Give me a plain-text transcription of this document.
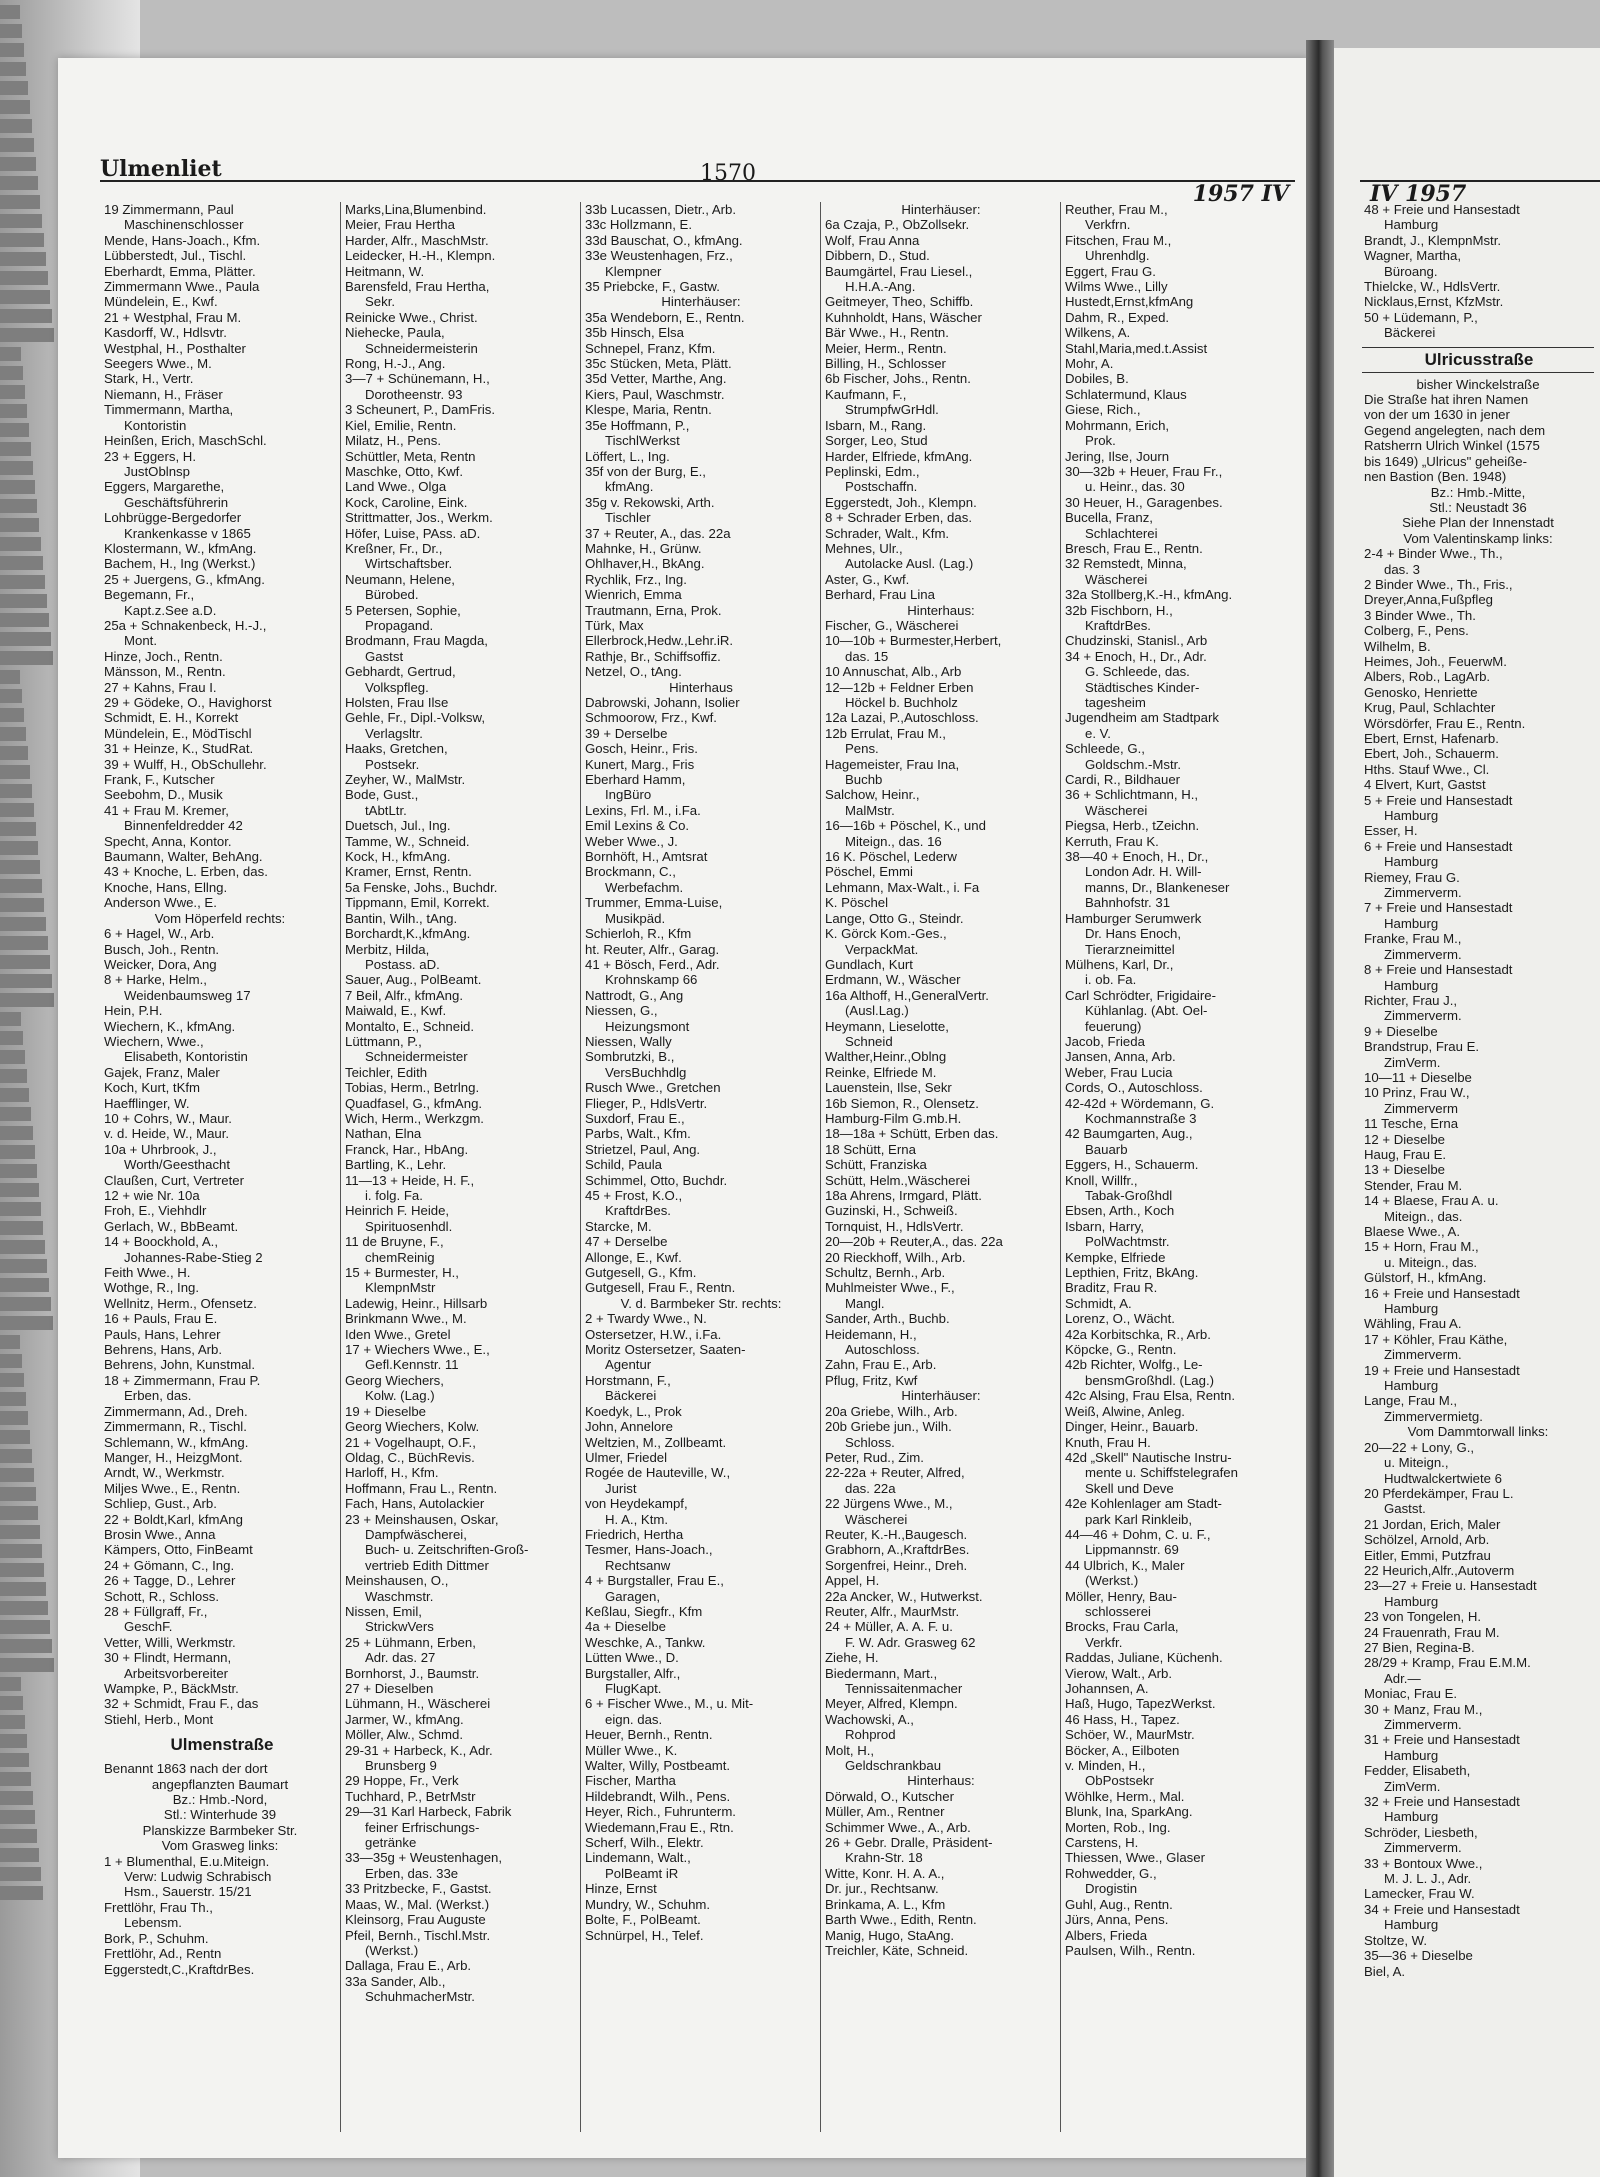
Ulmenliet	1570
1957 IV	IV 1957
19 Zimmermann, Paul
Maschinenschlosser
Mende, Hans-Joach., Kfm.
Lübberstedt, Jul., Tischl.
Eberhardt, Emma, Plätter.
Zimmermann Wwe., Paula
Mündelein, E., Kwf.
21 + Westphal, Frau M.
Kasdorff, W., Hdlsvtr.
Westphal, H., Posthalter
Seegers Wwe., M.
Stark, H., Vertr.
Niemann, H., Fräser
Timmermann, Martha,
Kontoristin
Heinßen, Erich, MaschSchl.
23 + Eggers, H.
JustOblnsp
Eggers, Margarethe,
Geschäftsführerin
Lohbrügge-Bergedorfer
Krankenkasse v 1865
Klostermann, W., kfmAng.
Bachem, H., Ing (Werkst.)
25 + Juergens, G., kfmAng.
Begemann, Fr.,
Kapt.z.See a.D.
25a + Schnakenbeck, H.-J.,
Mont.
Hinze, Joch., Rentn.
Mänsson, M., Rentn.
27 + Kahns, Frau I.
29 + Gödeke, O., Havighorst
Schmidt, E. H., Korrekt
Mündelein, E., MödTischl
31 + Heinze, K., StudRat.
39 + Wulff, H., ObSchullehr.
Frank, F., Kutscher
Seebohm, D., Musik
41 + Frau M. Kremer,
Binnenfeldredder 42
Specht, Anna, Kontor.
Baumann, Walter, BehAng.
43 + Knoche, L. Erben, das.
Knoche, Hans, Ellng.
Anderson Wwe., E.
Vom Höperfeld rechts:
6 + Hagel, W., Arb.
Busch, Joh., Rentn.
Weicker, Dora, Ang
8 + Harke, Helm.,
Weidenbaumsweg 17
Hein, P.H.
Wiechern, K., kfmAng.
Wiechern, Wwe.,
Elisabeth, Kontoristin
Gajek, Franz, Maler
Koch, Kurt, tKfm
Haefflinger, W.
10 + Cohrs, W., Maur.
v. d. Heide, W., Maur.
10a + Uhrbrook, J.,
Worth/Geesthacht
Claußen, Curt, Vertreter
12 + wie Nr. 10a
Froh, E., Viehhdlr
Gerlach, W., BbBeamt.
14 + Boockhold, A.,
Johannes-Rabe-Stieg 2
Feith Wwe., H.
Wothge, R., Ing.
Wellnitz, Herm., Ofensetz.
16 + Pauls, Frau E.
Pauls, Hans, Lehrer
Behrens, Hans, Arb.
Behrens, John, Kunstmal.
18 + Zimmermann, Frau P.
Erben, das.
Zimmermann, Ad., Dreh.
Zimmermann, R., Tischl.
Schlemann, W., kfmAng.
Manger, H., HeizgMont.
Arndt, W., Werkmstr.
Miljes Wwe., E., Rentn.
Schliep, Gust., Arb.
22 + Boldt,Karl, kfmAng
Brosin Wwe., Anna
Kämpers, Otto, FinBeamt
24 + Gömann, C., Ing.
26 + Tagge, D., Lehrer
Schott, R., Schloss.
28 + Füllgraff, Fr.,
GeschF.
Vetter, Willi, Werkmstr.
30 + Flindt, Hermann,
Arbeitsvorbereiter
Wampke, P., BäckMstr.
32 + Schmidt, Frau F., das
Stiehl, Herb., Mont
Ulmenstraße
Benannt 1863 nach der dort
angepflanzten Baumart
Bz.: Hmb.-Nord,
Stl.: Winterhude 39
Planskizze Barmbeker Str.
Vom Grasweg links:
1 + Blumenthal, E.u.Miteign.
Verw: Ludwig Schrabisch
Hsm., Sauerstr. 15/21
Frettlöhr, Frau Th.,
Lebensm.
Bork, P., Schuhm.
Frettlöhr, Ad., Rentn
Eggerstedt,C.,KraftdrBes.
Marks,Lina,Blumenbind.
Meier, Frau Hertha
Harder, Alfr., MaschMstr.
Leidecker, H.-H., Klempn.
Heitmann, W.
Barensfeld, Frau Hertha,
Sekr.
Reinicke Wwe., Christ.
Niehecke, Paula,
Schneidermeisterin
Rong, H.-J., Ang.
3—7 + Schünemann, H.,
Dorotheenstr. 93
3 Scheunert, P., DamFris.
Kiel, Emilie, Rentn.
Milatz, H., Pens.
Schüttler, Meta, Rentn
Maschke, Otto, Kwf.
Land Wwe., Olga
Kock, Caroline, Eink.
Strittmatter, Jos., Werkm.
Höfer, Luise, PAss. aD.
Kreßner, Fr., Dr.,
Wirtschaftsber.
Neumann, Helene,
Bürobed.
5 Petersen, Sophie,
Propagand.
Brodmann, Frau Magda,
Gastst
Gebhardt, Gertrud,
Volkspfleg.
Holsten, Frau Ilse
Gehle, Fr., Dipl.-Volksw,
Verlagsltr.
Haaks, Gretchen,
Postsekr.
Zeyher, W., MalMstr.
Bode, Gust.,
tAbtLtr.
Duetsch, Jul., Ing.
Tamme, W., Schneid.
Kock, H., kfmAng.
Kramer, Ernst, Rentn.
5a Fenske, Johs., Buchdr.
Tippmann, Emil, Korrekt.
Bantin, Wilh., tAng.
Borchardt,K.,kfmAng.
Merbitz, Hilda,
Postass. aD.
Sauer, Aug., PolBeamt.
7 Beil, Alfr., kfmAng.
Maiwald, E., Kwf.
Montalto, E., Schneid.
Lüttmann, P.,
Schneidermeister
Teichler, Edith
Tobias, Herm., Betrlng.
Quadfasel, G., kfmAng.
Wich, Herm., Werkzgm.
Nathan, Elna
Franck, Har., HbAng.
Bartling, K., Lehr.
11—13 + Heide, H. F.,
i. folg. Fa.
Heinrich F. Heide,
Spirituosenhdl.
11 de Bruyne, F.,
chemReinig
15 + Burmester, H.,
KlempnMstr
Ladewig, Heinr., Hillsarb
Brinkmann Wwe., M.
Iden Wwe., Gretel
17 + Wiechers Wwe., E.,
Gefl.Kennstr. 11
Georg Wiechers,
Kolw. (Lag.)
19 + Dieselbe
Georg Wiechers, Kolw.
21 + Vogelhaupt, O.F.,
Oldag, C., BüchRevis.
Harloff, H., Kfm.
Hoffmann, Frau L., Rentn.
Fach, Hans, Autolackier
23 + Meinshausen, Oskar,
Dampfwäscherei,
Buch- u. Zeitschriften-Groß-
vertrieb Edith Dittmer
Meinshausen, O.,
Waschmstr.
Nissen, Emil,
StrickwVers
25 + Lühmann, Erben,
Adr. das. 27
Bornhorst, J., Baumstr.
27 + Dieselben
Lühmann, H., Wäscherei
Jarmer, W., kfmAng.
Möller, Alw., Schmd.
29-31 + Harbeck, K., Adr.
Brunsberg 9
29 Hoppe, Fr., Verk
Tuchhard, P., BetrMstr
29—31 Karl Harbeck, Fabrik
feiner Erfrischungs-
getränke
33—35g + Weustenhagen,
Erben, das. 33e
33 Pritzbecke, F., Gastst.
Maas, W., Mal. (Werkst.)
Kleinsorg, Frau Auguste
Pfeil, Bernh., Tischl.Mstr.
(Werkst.)
Dallaga, Frau E., Arb.
33a Sander, Alb.,
SchuhmacherMstr.
33b Lucassen, Dietr., Arb.
33c Hollzmann, E.
33d Bauschat, O., kfmAng.
33e Weustenhagen, Frz.,
Klempner
35 Priebcke, F., Gastw.
Hinterhäuser:
35a Wendeborn, E., Rentn.
35b Hinsch, Elsa
Schnepel, Franz, Kfm.
35c Stücken, Meta, Plätt.
35d Vetter, Marthe, Ang.
Kiers, Paul, Waschmstr.
Klespe, Maria, Rentn.
35e Hoffmann, P.,
TischlWerkst
Löffert, L., Ing.
35f von der Burg, E.,
kfmAng.
35g v. Rekowski, Arth.
Tischler
37 + Reuter, A., das. 22a
Mahnke, H., Grünw.
Ohlhaver,H., BkAng.
Rychlik, Frz., Ing.
Wienrich, Emma
Trautmann, Erna, Prok.
Türk, Max
Ellerbrock,Hedw.,Lehr.iR.
Rathje, Br., Schiffsoffiz.
Netzel, O., tAng.
Hinterhaus
Dabrowski, Johann, Isolier
Schmoorow, Frz., Kwf.
39 + Derselbe
Gosch, Heinr., Fris.
Kunert, Marg., Fris
Eberhard Hamm,
IngBüro
Lexins, Frl. M., i.Fa.
Emil Lexins & Co.
Weber Wwe., J.
Bornhöft, H., Amtsrat
Brockmann, C.,
Werbefachm.
Trummer, Emma-Luise,
Musikpäd.
Schierloh, R., Kfm
ht. Reuter, Alfr., Garag.
41 + Bösch, Ferd., Adr.
Krohnskamp 66
Nattrodt, G., Ang
Niessen, G.,
Heizungsmont
Niessen, Wally
Sombrutzki, B.,
VersBuchhdlg
Rusch Wwe., Gretchen
Flieger, P., HdlsVertr.
Suxdorf, Frau E.,
Parbs, Walt., Kfm.
Strietzel, Paul, Ang.
Schild, Paula
Schimmel, Otto, Buchdr.
45 + Frost, K.O.,
KraftdrBes.
Starcke, M.
47 + Derselbe
Allonge, E., Kwf.
Gutgesell, G., Kfm.
Gutgesell, Frau F., Rentn.
V. d. Barmbeker Str. rechts:
2 + Twardy Wwe., N.
Ostersetzer, H.W., i.Fa.
Moritz Ostersetzer, Saaten-
Agentur
Horstmann, F.,
Bäckerei
Koedyk, L., Prok
John, Annelore
Weltzien, M., Zollbeamt.
Ulmer, Friedel
Rogée de Hauteville, W.,
Jurist
von Heydekampf,
H. A., Ktm.
Friedrich, Hertha
Tesmer, Hans-Joach.,
Rechtsanw
4 + Burgstaller, Frau E.,
Garagen,
Keßlau, Siegfr., Kfm
4a + Dieselbe
Weschke, A., Tankw.
Lütten Wwe., D.
Burgstaller, Alfr.,
FlugKapt.
6 + Fischer Wwe., M., u. Mit-
eign. das.
Heuer, Bernh., Rentn.
Müller Wwe., K.
Walter, Willy, Postbeamt.
Fischer, Martha
Hildebrandt, Wilh., Pens.
Heyer, Rich., Fuhrunterm.
Wiedemann,Frau E., Rtn.
Scherf, Wilh., Elektr.
Lindemann, Walt.,
PolBeamt iR
Hinze, Ernst
Mundry, W., Schuhm.
Bolte, F., PolBeamt.
Schnürpel, H., Telef.
Hinterhäuser:
6a Czaja, P., ObZollsekr.
Wolf, Frau Anna
Dibbern, D., Stud.
Baumgärtel, Frau Liesel.,
H.H.A.-Ang.
Geitmeyer, Theo, Schiffb.
Kuhnholdt, Hans, Wäscher
Bär Wwe., H., Rentn.
Meier, Herm., Rentn.
Billing, H., Schlosser
6b Fischer, Johs., Rentn.
Kaufmann, F.,
StrumpfwGrHdl.
Isbarn, M., Rang.
Sorger, Leo, Stud
Harder, Elfriede, kfmAng.
Peplinski, Edm.,
Postschaffn.
Eggerstedt, Joh., Klempn.
8 + Schrader Erben, das.
Schrader, Walt., Kfm.
Mehnes, Ulr.,
Autolacke Ausl. (Lag.)
Aster, G., Kwf.
Berhard, Frau Lina
Hinterhaus:
Fischer, G., Wäscherei
10—10b + Burmester,Herbert,
das. 15
10 Annuschat, Alb., Arb
12—12b + Feldner Erben
Höckel b. Buchholz
12a Lazai, P.,Autoschloss.
12b Errulat, Frau M.,
Pens.
Hagemeister, Frau Ina,
Buchb
Salchow, Heinr.,
MalMstr.
16—16b + Pöschel, K., und
Miteign., das. 16
16 K. Pöschel, Lederw
Pöschel, Emmi
Lehmann, Max-Walt., i. Fa
K. Pöschel
Lange, Otto G., Steindr.
K. Görck Kom.-Ges.,
VerpackMat.
Gundlach, Kurt
Erdmann, W., Wäscher
16a Althoff, H.,GeneralVertr.
(Ausl.Lag.)
Heymann, Lieselotte,
Schneid
Walther,Heinr.,Oblng
Reinke, Elfriede M.
Lauenstein, Ilse, Sekr
16b Siemon, R., Olensetz.
Hamburg-Film G.mb.H.
18—18a + Schütt, Erben das.
18 Schütt, Erna
Schütt, Franziska
Schütt, Helm.,Wäscherei
18a Ahrens, Irmgard, Plätt.
Guzinski, H., Schweiß.
Tornquist, H., HdlsVertr.
20—20b + Reuter,A., das. 22a
20 Rieckhoff, Wilh., Arb.
Schultz, Bernh., Arb.
Muhlmeister Wwe., F.,
Mangl.
Sander, Arth., Buchb.
Heidemann, H.,
Autoschloss.
Zahn, Frau E., Arb.
Pflug, Fritz, Kwf
Hinterhäuser:
20a Griebe, Wilh., Arb.
20b Griebe jun., Wilh.
Schloss.
Peter, Rud., Zim.
22-22a + Reuter, Alfred,
das. 22a
22 Jürgens Wwe., M.,
Wäscherei
Reuter, K.-H.,Baugesch.
Grabhorn, A.,KraftdrBes.
Sorgenfrei, Heinr., Dreh.
Appel, H.
22a Ancker, W., Hutwerkst.
Reuter, Alfr., MaurMstr.
24 + Müller, A. A. F. u.
F. W. Adr. Grasweg 62
Ziehe, H.
Biedermann, Mart.,
Tennissaitenmacher
Meyer, Alfred, Klempn.
Wachowski, A.,
Rohprod
Molt, H.,
Geldschrankbau
Hinterhaus:
Dörwald, O., Kutscher
Müller, Am., Rentner
Schimmer Wwe., A., Arb.
26 + Gebr. Dralle, Präsident-
Krahn-Str. 18
Witte, Konr. H. A. A.,
Dr. jur., Rechtsanw.
Brinkama, A. L., Kfm
Barth Wwe., Edith, Rentn.
Manig, Hugo, StaAng.
Treichler, Käte, Schneid.
Reuther, Frau M.,
Verkfrn.
Fitschen, Frau M.,
Uhrenhdlg.
Eggert, Frau G.
Wilms Wwe., Lilly
Hustedt,Ernst,kfmAng
Dahm, R., Exped.
Wilkens, A.
Stahl,Maria,med.t.Assist
Mohr, A.
Dobiles, B.
Schlatermund, Klaus
Giese, Rich.,
Mohrmann, Erich,
Prok.
Jering, Ilse, Journ
30—32b + Heuer, Frau Fr.,
u. Heinr., das. 30
30 Heuer, H., Garagenbes.
Bucella, Franz,
Schlachterei
Bresch, Frau E., Rentn.
32 Remstedt, Minna,
Wäscherei
32a Stollberg,K.-H., kfmAng.
32b Fischborn, H.,
KraftdrBes.
Chudzinski, Stanisl., Arb
34 + Enoch, H., Dr., Adr.
G. Schleede, das.
Städtisches Kinder-
tagesheim
Jugendheim am Stadtpark
e. V.
Schleede, G.,
Goldschm.-Mstr.
Cardi, R., Bildhauer
36 + Schlichtmann, H.,
Wäscherei
Piegsa, Herb., tZeichn.
Kerruth, Frau K.
38—40 + Enoch, H., Dr.,
London Adr. H. Will-
manns, Dr., Blankeneser
Bahnhofstr. 31
Hamburger Serumwerk
Dr. Hans Enoch,
Tierarzneimittel
Mülhens, Karl, Dr.,
i. ob. Fa.
Carl Schrödter, Frigidaire-
Kühlanlag. (Abt. Oel-
feuerung)
Jacob, Frieda
Jansen, Anna, Arb.
Weber, Frau Lucia
Cords, O., Autoschloss.
42-42d + Wördemann, G.
Kochmannstraße 3
42 Baumgarten, Aug.,
Bauarb
Eggers, H., Schauerm.
Knoll, Willfr.,
Tabak-Großhdl
Ebsen, Arth., Koch
Isbarn, Harry,
PolWachtmstr.
Kempke, Elfriede
Lepthien, Fritz, BkAng.
Braditz, Frau R.
Schmidt, A.
Lorenz, O., Wächt.
42a Korbitschka, R., Arb.
Köpcke, G., Rentn.
42b Richter, Wolfg., Le-
bensmGroßhdl. (Lag.)
42c Alsing, Frau Elsa, Rentn.
Weiß, Alwine, Anleg.
Dinger, Heinr., Bauarb.
Knuth, Frau H.
42d „Skell" Nautische Instru-
mente u. Schiffstelegrafen
Skell und Deve
42e Kohlenlager am Stadt-
park Karl Rinkleib,
44—46 + Dohm, C. u. F.,
Lippmannstr. 69
44 Ulbrich, K., Maler
(Werkst.)
Möller, Henry, Bau-
schlosserei
Brocks, Frau Carla,
Verkfr.
Raddas, Juliane, Küchenh.
Vierow, Walt., Arb.
Johannsen, A.
Haß, Hugo, TapezWerkst.
46 Hass, H., Tapez.
Schöer, W., MaurMstr.
Böcker, A., Eilboten
v. Minden, H.,
ObPostsekr
Wöhlke, Herm., Mal.
Blunk, Ina, SparkAng.
Morten, Rob., Ing.
Carstens, H.
Thiessen, Wwe., Glaser
Rohwedder, G.,
Drogistin
Guhl, Aug., Rentn.
Jürs, Anna, Pens.
Albers, Frieda
Paulsen, Wilh., Rentn.
48 + Freie und Hansestadt
Hamburg
Brandt, J., KlempnMstr.
Wagner, Martha,
Büroang.
Thielcke, W., HdlsVertr.
Nicklaus,Ernst, KfzMstr.
50 + Lüdemann, P.,
Bäckerei
Ulricusstraße
bisher Winckelstraße
Die Straße hat ihren Namen
von der um 1630 in jener
Gegend angelegten, nach dem
Ratsherrn Ulrich Winkel (1575
bis 1649) „Ulricus" geheiße-
nen Bastion (Ben. 1948)
Bz.: Hmb.-Mitte,
Stl.: Neustadt 36
Siehe Plan der Innenstadt
Vom Valentinskamp links:
2-4 + Binder Wwe., Th.,
das. 3
2 Binder Wwe., Th., Fris.,
Dreyer,Anna,Fußpfleg
3 Binder Wwe., Th.
Colberg, F., Pens.
Wilhelm, B.
Heimes, Joh., FeuerwM.
Albers, Rob., LagArb.
Genosko, Henriette
Krug, Paul, Schlachter
Wörsdörfer, Frau E., Rentn.
Ebert, Ernst, Hafenarb.
Ebert, Joh., Schauerm.
Hths. Stauf Wwe., Cl.
4 Elvert, Kurt, Gastst
5 + Freie und Hansestadt
Hamburg
Esser, H.
6 + Freie und Hansestadt
Hamburg
Riemey, Frau G.
Zimmerverm.
7 + Freie und Hansestadt
Hamburg
Franke, Frau M.,
Zimmerverm.
8 + Freie und Hansestadt
Hamburg
Richter, Frau J.,
Zimmerverm.
9 + Dieselbe
Brandstrup, Frau E.
ZimVerm.
10—11 + Dieselbe
10 Prinz, Frau W.,
Zimmerverm
11 Tesche, Erna
12 + Dieselbe
Haug, Frau E.
13 + Dieselbe
Stender, Frau M.
14 + Blaese, Frau A. u.
Miteign., das.
Blaese Wwe., A.
15 + Horn, Frau M.,
u. Miteign., das.
Gülstorf, H., kfmAng.
16 + Freie und Hansestadt
Hamburg
Wähling, Frau A.
17 + Köhler, Frau Käthe,
Zimmerverm.
19 + Freie und Hansestadt
Hamburg
Lange, Frau M.,
Zimmervermietg.
Vom Dammtorwall links:
20—22 + Lony, G.,
u. Miteign.,
Hudtwalckertwiete 6
20 Pferdekämper, Frau L.
Gastst.
21 Jordan, Erich, Maler
Schölzel, Arnold, Arb.
Eitler, Emmi, Putzfrau
22 Heurich,Alfr.,Autoverm
23—27 + Freie u. Hansestadt
Hamburg
23 von Tongelen, H.
24 Frauenrath, Frau M.
27 Bien, Regina-B.
28/29 + Kramp, Frau E.M.M.
Adr.—
Moniac, Frau E.
30 + Manz, Frau M.,
Zimmerverm.
31 + Freie und Hansestadt
Hamburg
Fedder, Elisabeth,
ZimVerm.
32 + Freie und Hansestadt
Hamburg
Schröder, Liesbeth,
Zimmerverm.
33 + Bontoux Wwe.,
M. J. L. J., Adr.
Lamecker, Frau W.
34 + Freie und Hansestadt
Hamburg
Stoltze, W.
35—36 + Dieselbe
Biel, A.
